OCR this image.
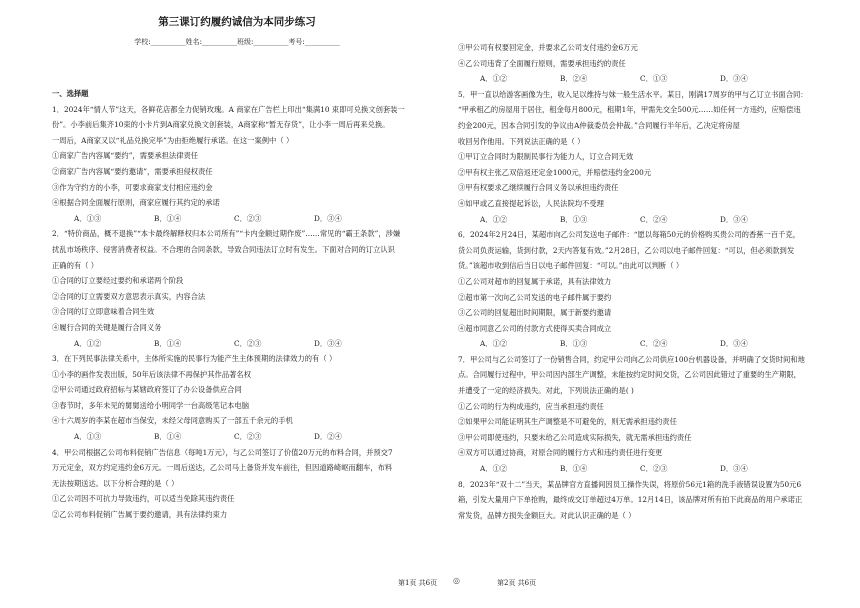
第三课订约履约诚信为本同步练习
学校:__________姓名:__________班级:__________考号:__________

一、选择题

1．2024年“情人节”这天，各鲜花店都全力促销玫瑰。A 商家在广告栏上印出“集满10 束即可兑换文创套装一

份”。小李前后集齐10束的小卡片到A商家兑换文创套装，A商家称“暂无存货”，让小李一周后再来兑换。

一周后，A商家又以“礼品兑换完毕”为由拒绝履行承诺。在这一案例中（ ）

①商家广告内容属“要约”，需要承担法律责任

②商家广告内容属“要约邀请”，需要承担侵权责任

③作为守约方的小李，可要求商家支付相应违约金

④根据合同全面履行原则，商家应履行其约定的承诺

A．①③	B．①④	C．②③	D．③④

2．“特价商品，概不退换”“本卡最终解释权归本公司所有”“卡内金额过期作废”……常见的“霸王条款”，涉嫌

扰乱市场秩序、侵害消费者权益。不合理的合同条款，导致合同违法订立时有发生。下面对合同的订立认识

正确的有（ ）

①合同的订立要经过要约和承诺两个阶段

②合同的订立需要双方意思表示真实，内容合法

③合同的订立即意味着合同生效

④履行合同的关键是履行合同义务

A．①②	B．①④	C．②③	D．③④

3．在下列民事法律关系中，主体所实施的民事行为能产生主体预期的法律效力的有（ ）

①小李的画作发表出版，50年后该法律不再保护其作品著名权

②甲公司通过政府招标与某辖政府签订了办公设备供应合同

③春节时，多年未见的舅舅送给小明同学一台高级笔记本电脑

④十六周岁的李某在超市当保安，未经父母同意购买了一部五千余元的手机

A．①③	B．①④	C．②③	D．②④

4．甲公司根据乙公司布料促销广告信息（每吨1万元），与乙公司签订了价值20万元的布料合同，并预交7

万元定金，双方约定违约金6万元。一周后送达，乙公司马上备货并发车前往，但因道路崎岖而翻车，布料

无法按期送达。以下分析合理的是（ ）

①乙公司因不可抗力导致违约，可以适当免除其违约责任

②乙公司布料促销广告属于要约邀请，具有法律约束力

③甲公司有权要回定金，并要求乙公司支付违约金6万元

④乙公司违背了全面履行原则，需要承担违约的责任

A．①②	B．②④	C．①③	D．③④

5．甲一直以给游客画像为生，收入足以维持与妹一般生活水平。某日，刚满17周岁的甲与乙订立书面合同：

“甲承租乙的房屋用于居住，租金每月800元，租期1年，甲需先交全500元……如任何一方违约，应赔偿违

约金200元，因本合同引发的争议由A仲裁委员会仲裁。”合同履行半年后，乙决定将房屋

收回另作他用。下列说法正确的是（ ）

①甲订立合同时为限制民事行为能力人，订立合同无效

②甲有权主张乙双倍返还定金1000元，并赔偿违约金200元

③甲有权要求乙继续履行合同义务以承担违约责任

④如甲或乙直接提起诉讼，人民法院均不受理

A．①②	B．①③	C．②④	D．③④

6．2024年2月24日，某超市向乙公司发送电子邮件：“愿以每箱50元的价格购买贵公司的香蕉一百千克，

货公司负责运输，货到付款，2天内答复有效。”2月28日，乙公司以电子邮件回复：“可以，但必须款到发

货。”该超市收到信后当日以电子邮件回复：“可以。”由此可以判断（ ）

①乙公司对超市的回复属于承诺，具有法律效力

②超市第一次向乙公司发送的电子邮件属于要约

③乙公司的回复超出时间期限，属于新要约邀请

④超市同意乙公司的付款方式使得买卖合同成立

A．①②	B．①③	C．②④	D．③④

7．甲公司与乙公司签订了一份销售合同，约定甲公司向乙公司供应100台机器设备，并明确了交货时间和地

点。合同履行过程中，甲公司因内部生产调整，未能按约定时间交货，乙公司因此错过了重要的生产期限，

并遭受了一定的经济损失。对此，下列说法正确的是( )

①乙公司的行为构成违约，应当承担违约责任

②如果甲公司能证明其生产调整是不可避免的，则无需承担违约责任

③甲公司即使违约，只要未给乙公司造成实际损失，就无需承担违约责任

④双方可以通过协商，对原合同的履行方式和违约责任进行变更

A．①②	B．①④	C．②③	D．③④

8．2023年“双十二”当天，某品牌官方直播间因员工操作失误，将原价56元1箱的洗手液错误设置为50元6

箱，引发大量用户下单抢购，最终成交订单超过4万单。12月14日，该品牌对所有拍下此商品的用户承诺正

常发货，品牌方损失金额巨大。对此认识正确的是（ ）

第1页 共6页 ◎	第2页 共6页
